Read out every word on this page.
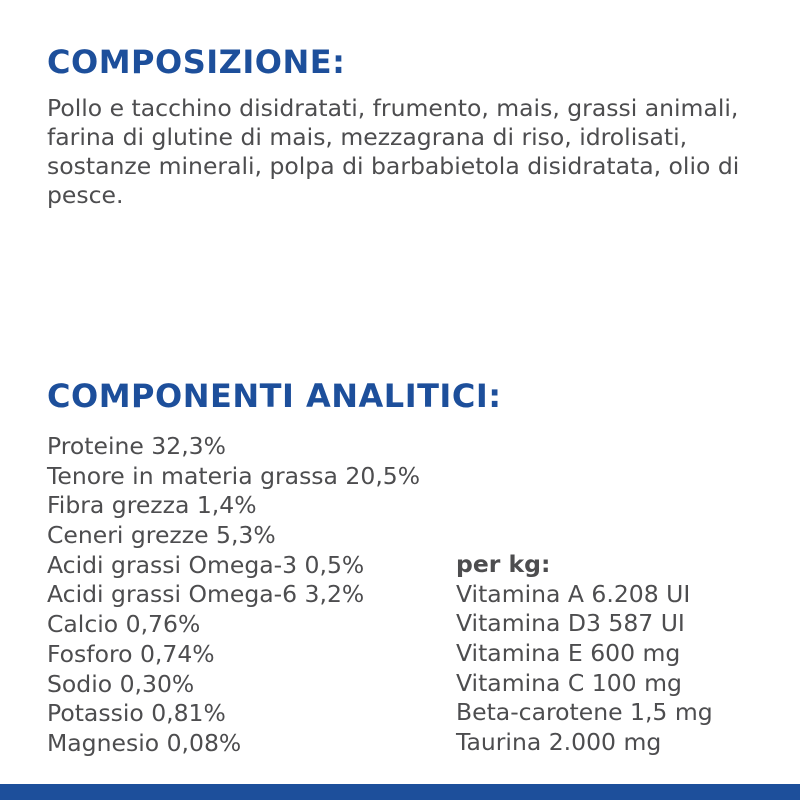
COMPOSIZIONE:

Pollo e tacchino disidratati, frumento, mais, grassi animali, farina di glutine di mais, mezzagrana di riso, idrolisati, sostanze minerali, polpa di barbabietola disidratata, olio di pesce.

COMPONENTI ANALITICI:
Proteine 32,3%
Tenore in materia grassa 20,5%
Fibra grezza 1,4%
Ceneri grezze 5,3%
Acidi grassi Omega-3 0,5%
Acidi grassi Omega-6 3,2%
Calcio 0,76%
Fosforo 0,74%
Sodio 0,30%
Potassio 0,81%
Magnesio 0,08%
per kg:
Vitamina A 6.208 UI
Vitamina D3 587 UI
Vitamina E 600 mg
Vitamina C 100 mg
Beta-carotene 1,5 mg
Taurina 2.000 mg
